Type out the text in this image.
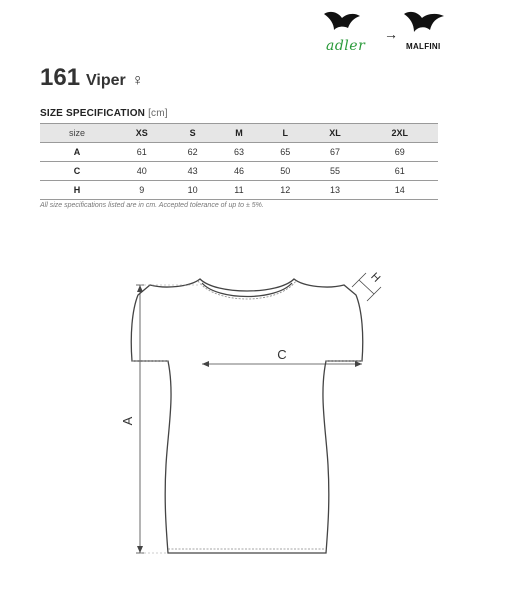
→
adler	MALFINI
161 Viper ♀
SIZE SPECIFICATION [cm]
size	XS	S	M	L	XL	2XL
A	61	62	63	65	67	69
C	40	43	46	50	55	61
H	9	10	11	12	13	14
All size specifications listed are in cm. Accepted tolerance of up to ± 5%.
A
C
H
